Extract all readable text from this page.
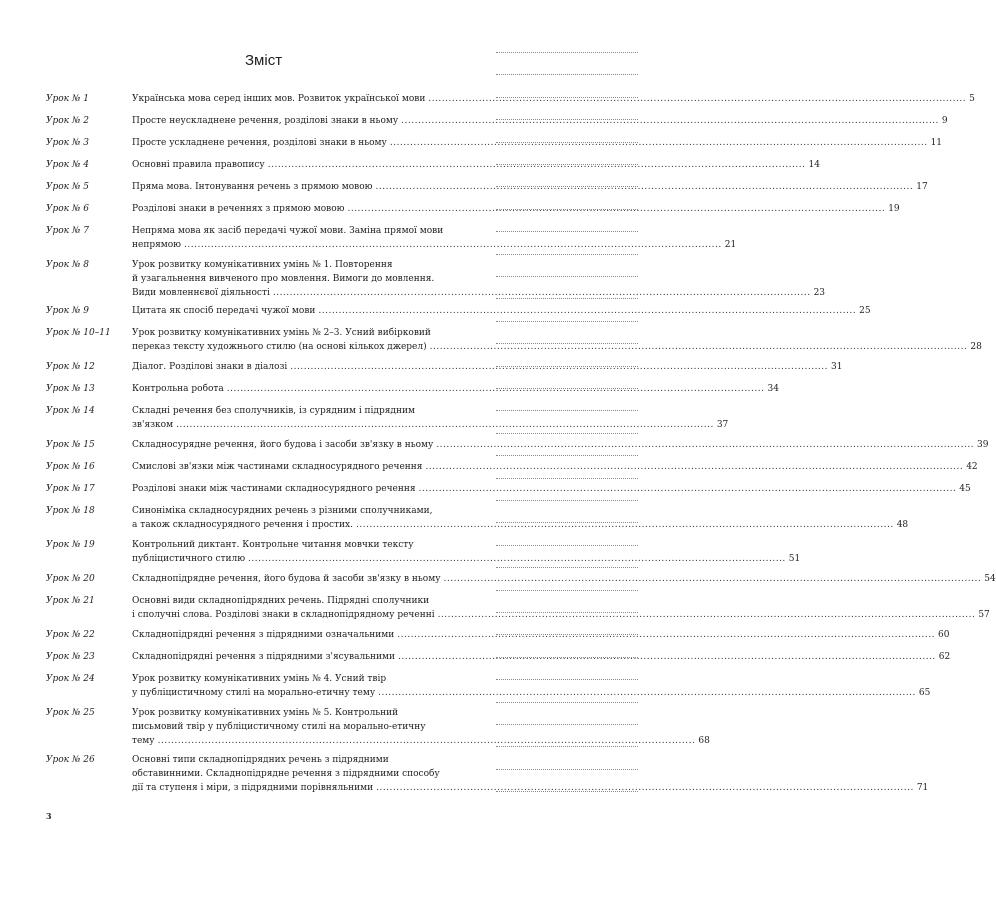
Зміст
Урок № 1	Українська мова серед інших мов. Розвиток української мови ................................................................................................................................................................ 5
Урок № 2	Просте неускладнене речення, розділові знаки в ньому ................................................................................................................................................................ 9
Урок № 3	Просте ускладнене речення, розділові знаки в ньому ................................................................................................................................................................ 11
Урок № 4	Основні правила правопису ................................................................................................................................................................ 14
Урок № 5	Пряма мова. Інтонування речень з прямою мовою ................................................................................................................................................................ 17
Урок № 6	Розділові знаки в реченнях з прямою мовою ................................................................................................................................................................ 19
Урок № 7	Непряма мова як засіб передачі чужої мови. Заміна прямої мови
непрямою ................................................................................................................................................................ 21
Урок № 8	Урок розвитку комунікативних умінь № 1. Повторення
й узагальнення вивченого про мовлення. Вимоги до мовлення.
Види мовленнєвої діяльності ................................................................................................................................................................ 23
Урок № 9	Цитата як спосіб передачі чужої мови ................................................................................................................................................................ 25
Урок № 10–11 Урок розвитку комунікативних умінь № 2–3. Усний вибірковий
переказ тексту художнього стилю (на основі кількох джерел) ................................................................................................................................................................ 28
Урок № 12	Діалог. Розділові знаки в діалозі ................................................................................................................................................................ 31
Урок № 13	Контрольна робота ................................................................................................................................................................ 34
Урок № 14	Складні речення без сполучників, із сурядним і підрядним
зв'язком ................................................................................................................................................................ 37
Урок № 15	Складносурядне речення, його будова і засоби зв'язку в ньому ................................................................................................................................................................ 39
Урок № 16	Смислові зв'язки між частинами складносурядного речення ................................................................................................................................................................ 42
Урок № 17	Розділові знаки між частинами складносурядного речення ................................................................................................................................................................ 45
Урок № 18	Синоніміка складносурядних речень з різними сполучниками,
а також складносурядного речення і простих. ................................................................................................................................................................ 48
Урок № 19	Контрольний диктант. Контрольне читання мовчки тексту
публіцистичного стилю ................................................................................................................................................................ 51
Урок № 20	Складнопідрядне речення, його будова й засоби зв'язку в ньому ................................................................................................................................................................ 54
Урок № 21	Основні види складнопідрядних речень. Підрядні сполучники
і сполучні слова. Розділові знаки в складнопідрядному реченні ................................................................................................................................................................ 57
Урок № 22	Складнопідрядні речення з підрядними означальними ................................................................................................................................................................ 60
Урок № 23	Складнопідрядні речення з підрядними з'ясувальними ................................................................................................................................................................ 62
Урок № 24	Урок розвитку комунікативних умінь № 4. Усний твір
у публіцистичному стилі на морально-етичну тему ................................................................................................................................................................ 65
Урок № 25	Урок розвитку комунікативних умінь № 5. Контрольний
письмовий твір у публіцистичному стилі на морально-етичну
тему ................................................................................................................................................................ 68
Урок № 26	Основні типи складнопідрядних речень з підрядними
обставинними. Складнопідрядне речення з підрядними способу
дії та ступеня і міри, з підрядними порівняльними ................................................................................................................................................................ 71
3
